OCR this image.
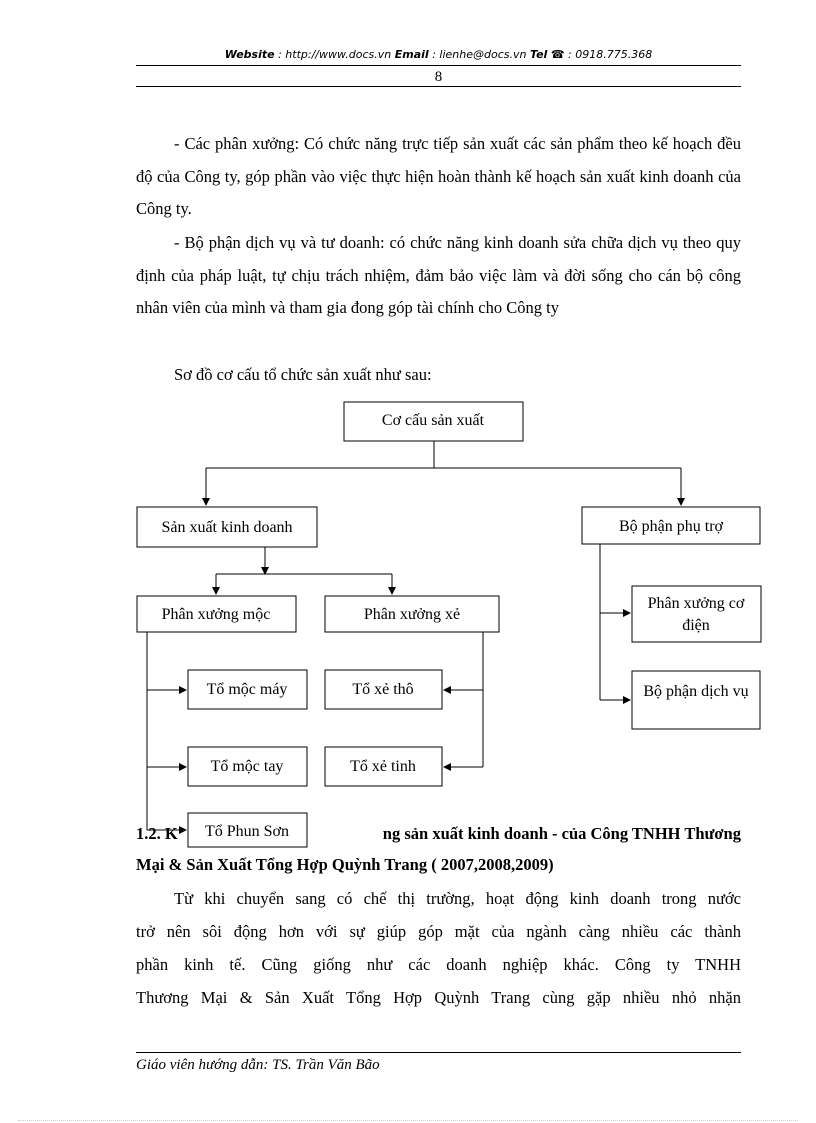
Website : http://www.docs.vn Email : lienhe@docs.vn Tel ☎ : 0918.775.368
8

- Các phân xưởng: Có chức năng trực tiếp sản xuất các sản phẩm theo kế hoạch đều độ của Công ty, góp phần vào việc thực hiện hoàn thành kế hoạch sản xuất kinh doanh của Công ty.

- Bộ phận dịch vụ và tư doanh: có chức năng kinh doanh sửa chữa dịch vụ theo quy định của pháp luật, tự chịu trách nhiệm, đảm bảo việc làm và đời sống cho cán bộ công nhân viên của mình và tham gia đong góp tài chính cho Công ty

Sơ đồ cơ cấu tổ chức sản xuất như sau:

1.2. K	ng sản xuất kinh doanh - của Công TNHH Thương
Mại & Sản Xuất Tổng Hợp Quỳnh Trang ( 2007,2008,2009)
Từ khi chuyển sang có chế thị trường, hoạt động kinh doanh trong nước
trở nên sôi động hơn với sự giúp góp mặt của ngành càng nhiều các thành
phần kinh tế. Cũng giống như các doanh nghiệp khác. Công ty TNHH
Thương Mại & Sản Xuất Tổng Hợp Quỳnh Trang cùng gặp nhiều nhỏ nhặn
Cơ cấu sản xuất
Sản xuất kinh doanh	Bộ phận phụ trợ
Phân xưởng mộc	Phân xưởng xẻ
Phân xưởng cơ
điện
Bộ phận dịch vụ
Tổ mộc máy
Tổ mộc tay
Tổ Phun Sơn
Tổ xẻ thô
Tổ xẻ tinh
Giáo viên hướng dẫn: TS. Trần Văn Bão
